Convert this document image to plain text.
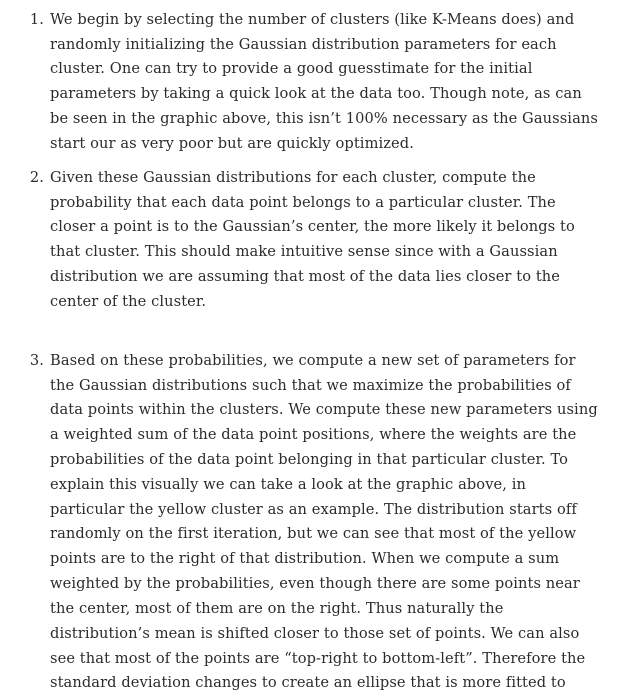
1. We begin by selecting the number of clusters (like K-Means does) and
randomly initializing the Gaussian distribution parameters for each
cluster. One can try to provide a good guesstimate for the initial
parameters by taking a quick look at the data too. Though note, as can
be seen in the graphic above, this isn’t 100% necessary as the Gaussians
start our as very poor but are quickly optimized.
2. Given these Gaussian distributions for each cluster, compute the
probability that each data point belongs to a particular cluster. The
closer a point is to the Gaussian’s center, the more likely it belongs to
that cluster. This should make intuitive sense since with a Gaussian
distribution we are assuming that most of the data lies closer to the
center of the cluster.
3. Based on these probabilities, we compute a new set of parameters for
the Gaussian distributions such that we maximize the probabilities of
data points within the clusters. We compute these new parameters using
a weighted sum of the data point positions, where the weights are the
probabilities of the data point belonging in that particular cluster. To
explain this visually we can take a look at the graphic above, in
particular the yellow cluster as an example. The distribution starts off
randomly on the first iteration, but we can see that most of the yellow
points are to the right of that distribution. When we compute a sum
weighted by the probabilities, even though there are some points near
the center, most of them are on the right. Thus naturally the
distribution’s mean is shifted closer to those set of points. We can also
see that most of the points are “top-right to bottom-left”. Therefore the
standard deviation changes to create an ellipse that is more fitted to
